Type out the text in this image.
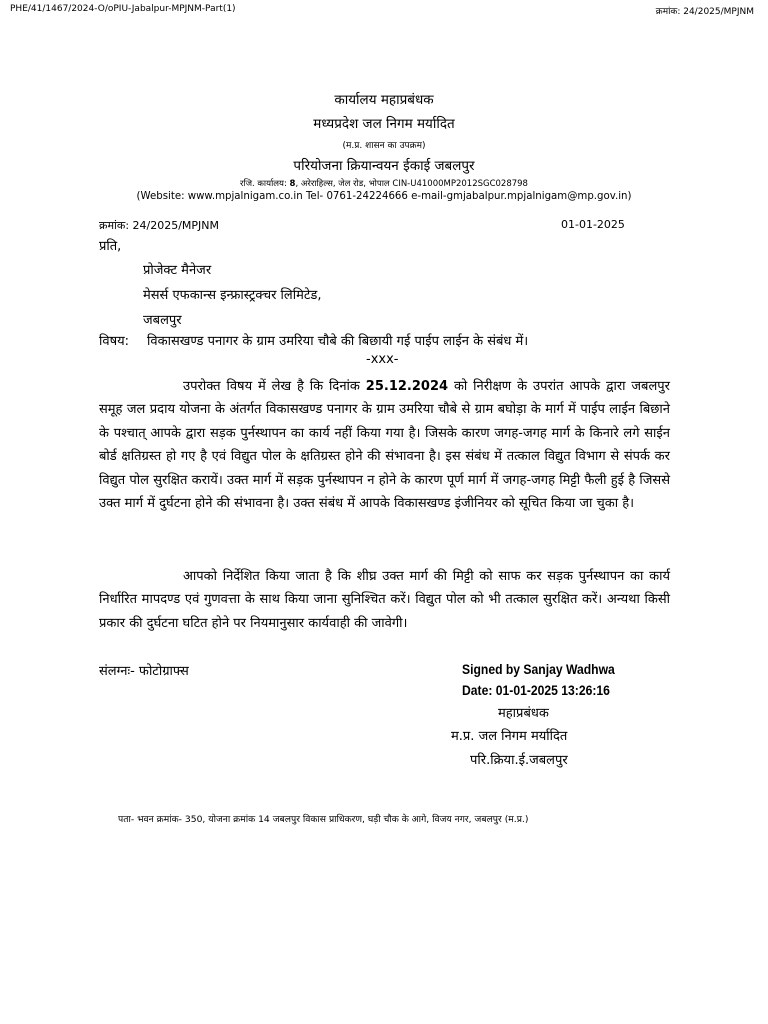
PHE/41/1467/2024-O/oPIU-Jabalpur-MPJNM-Part(1)	क्रमांक: 24/2025/MPJNM
कार्यालय महाप्रबंधक
मध्यप्रदेश जल निगम मर्यादित
(म.प्र. शासन का उपक्रम)
परियोजना क्रियान्वयन ईकाई जबलपुर
रजि. कार्यालय: 8, अरेराहिल्स, जेल रोड, भोपाल CIN-U41000MP2012SGC028798
(Website: www.mpjalnigam.co.in Tel- 0761-24224666 e-mail-gmjabalpur.mpjalnigam@mp.gov.in)
क्रमांक: 24/2025/MPJNM	01-01-2025
प्रति,
प्रोजेक्ट मैनेजर
मेसर्स एफकान्स इन्फ्रास्ट्रक्चर लिमिटेड,
जबलपुर
विषय: विकासखण्ड पनागर के ग्राम उमरिया चौबे की बिछायी गई पाईप लाईन के संबंध में।
-xxx-
उपरोक्त विषय में लेख है कि दिनांक 25.12.2024 को निरीक्षण के उपरांत आपके द्वारा जबलपुर समूह जल प्रदाय योजना के अंतर्गत विकासखण्ड पनागर के ग्राम उमरिया चौबे से ग्राम बघोड़ा के मार्ग में पाईप लाईन बिछाने के पश्चात् आपके द्वारा सड़क पुर्नस्थापन का कार्य नहीं किया गया है। जिसके कारण जगह-जगह मार्ग के किनारे लगे साईन बोर्ड क्षतिग्रस्त हो गए है एवं विद्युत पोल के क्षतिग्रस्त होने की संभावना है। इस संबंध में तत्काल विद्युत विभाग से संपर्क कर विद्युत पोल सुरक्षित करायें। उक्त मार्ग में सड़क पुर्नस्थापन न होने के कारण पूर्ण मार्ग में जगह-जगह मिट्टी फैली हुई है जिससे उक्त मार्ग में दुर्घटना होने की संभावना है। उक्त संबंध में आपके विकासखण्ड इंजीनियर को सूचित किया जा चुका है।
आपको निर्देशित किया जाता है कि शीघ्र उक्त मार्ग की मिट्टी को साफ कर सड़क पुर्नस्थापन का कार्य निर्धारित मापदण्ड एवं गुणवत्ता के साथ किया जाना सुनिश्चित करें। विद्युत पोल को भी तत्काल सुरक्षित करें। अन्यथा किसी प्रकार की दुर्घटना घटित होने पर नियमानुसार कार्यवाही की जावेगी।
संलग्नः- फोटोग्राफ्स	Signed by Sanjay Wadhwa
Date: 01-01-2025 13:26:16
महाप्रबंधक
म.प्र. जल निगम मर्यादित
परि.क्रिया.ई.जबलपुर
पता- भवन क्रमांक- 350, योजना क्रमांक 14 जबलपुर विकास प्राधिकरण, घड़ी चौक के आगे, विजय नगर, जबलपुर (म.प्र.)
